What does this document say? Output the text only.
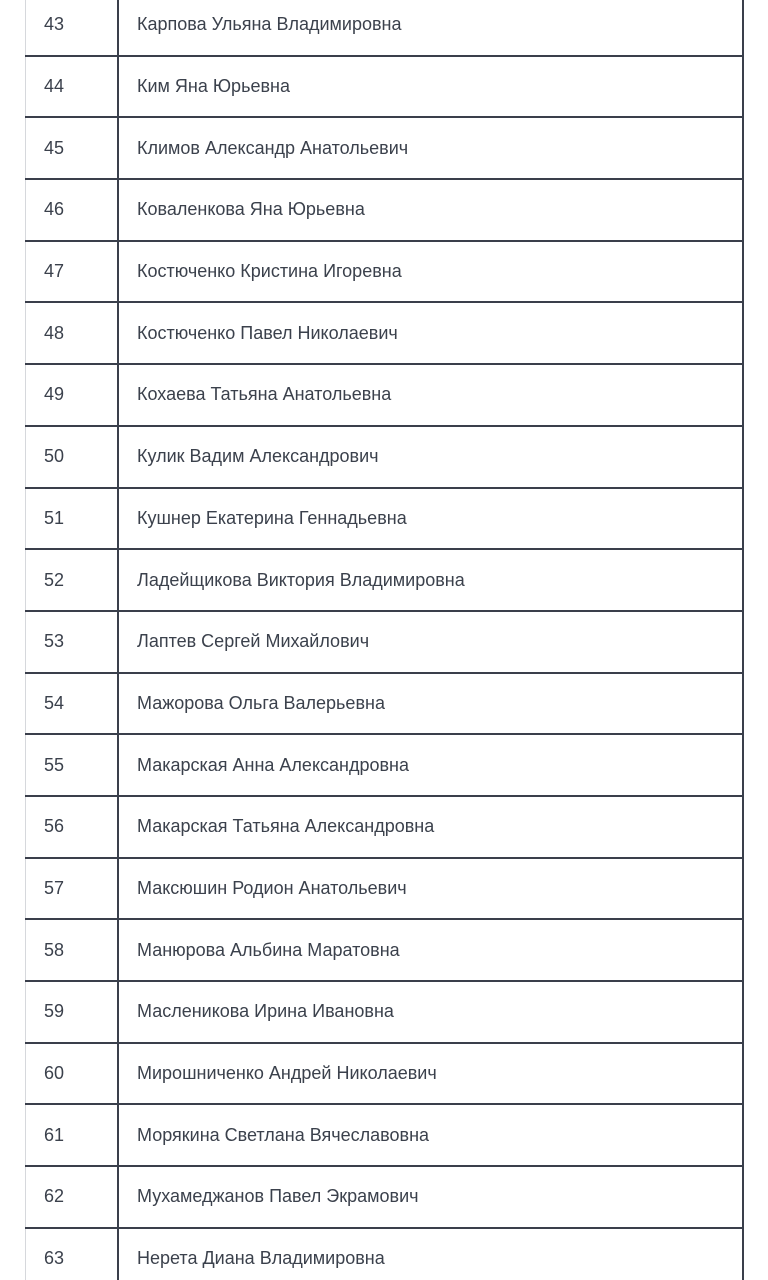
43	Карпова Ульяна Владимировна
44	Ким Яна Юрьевна
45	Климов Александр Анатольевич
46	Коваленкова Яна Юрьевна
47	Костюченко Кристина Игоревна
48	Костюченко Павел Николаевич
49	Кохаева Татьяна Анатольевна
50	Кулик Вадим Александрович
51	Кушнер Екатерина Геннадьевна
52	Ладейщикова Виктория Владимировна
53	Лаптев Сергей Михайлович
54	Мажорова Ольга Валерьевна
55	Макарская Анна Александровна
56	Макарская Татьяна Александровна
57	Максюшин Родион Анатольевич
58	Манюрова Альбина Маратовна
59	Масленикова Ирина Ивановна
60	Мирошниченко Андрей Николаевич
61	Морякина Светлана Вячеславовна
62	Мухамеджанов Павел Экрамович
63	Нерета Диана Владимировна
